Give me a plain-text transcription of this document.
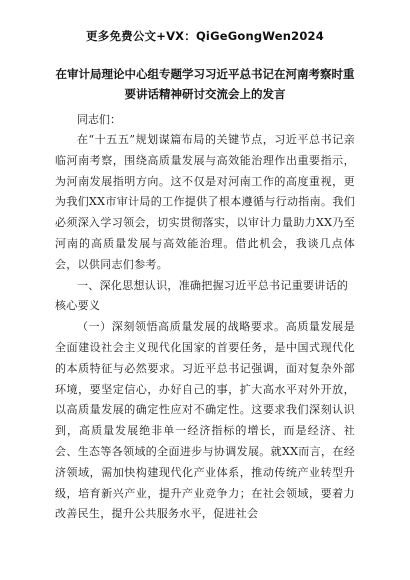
更多免费公文+VX：QiGeGongWen2024
在审计局理论中心组专题学习习近平总书记在河南考察时重要讲话精神研讨交流会上的发言

同志们：

在“十五五”规划谋篇布局的关键节点，习近平总书记亲临河南考察，围绕高质量发展与高效能治理作出重要指示，为河南发展指明方向。这不仅是对河南工作的高度重视，更为我们XX市审计局的工作提供了根本遵循与行动指南。我们必须深入学习领会，切实贯彻落实，以审计力量助力XX乃至河南的高质量发展与高效能治理。借此机会，我谈几点体会，以供同志们参考。

一、深化思想认识，准确把握习近平总书记重要讲话的核心要义

（一）深刻领悟高质量发展的战略要求。高质量发展是全面建设社会主义现代化国家的首要任务，是中国式现代化的本质特征与必然要求。习近平总书记强调，面对复杂外部环境，要坚定信心，办好自己的事，扩大高水平对外开放，以高质量发展的确定性应对不确定性。这要求我们深刻认识到，高质量发展绝非单一经济指标的增长，而是经济、社会、生态等各领域的全面进步与协调发展。就XX而言，在经济领域，需加快构建现代化产业体系，推动传统产业转型升级，培育新兴产业，提升产业竞争力；在社会领域，要着力改善民生，提升公共服务水平，促进社会
